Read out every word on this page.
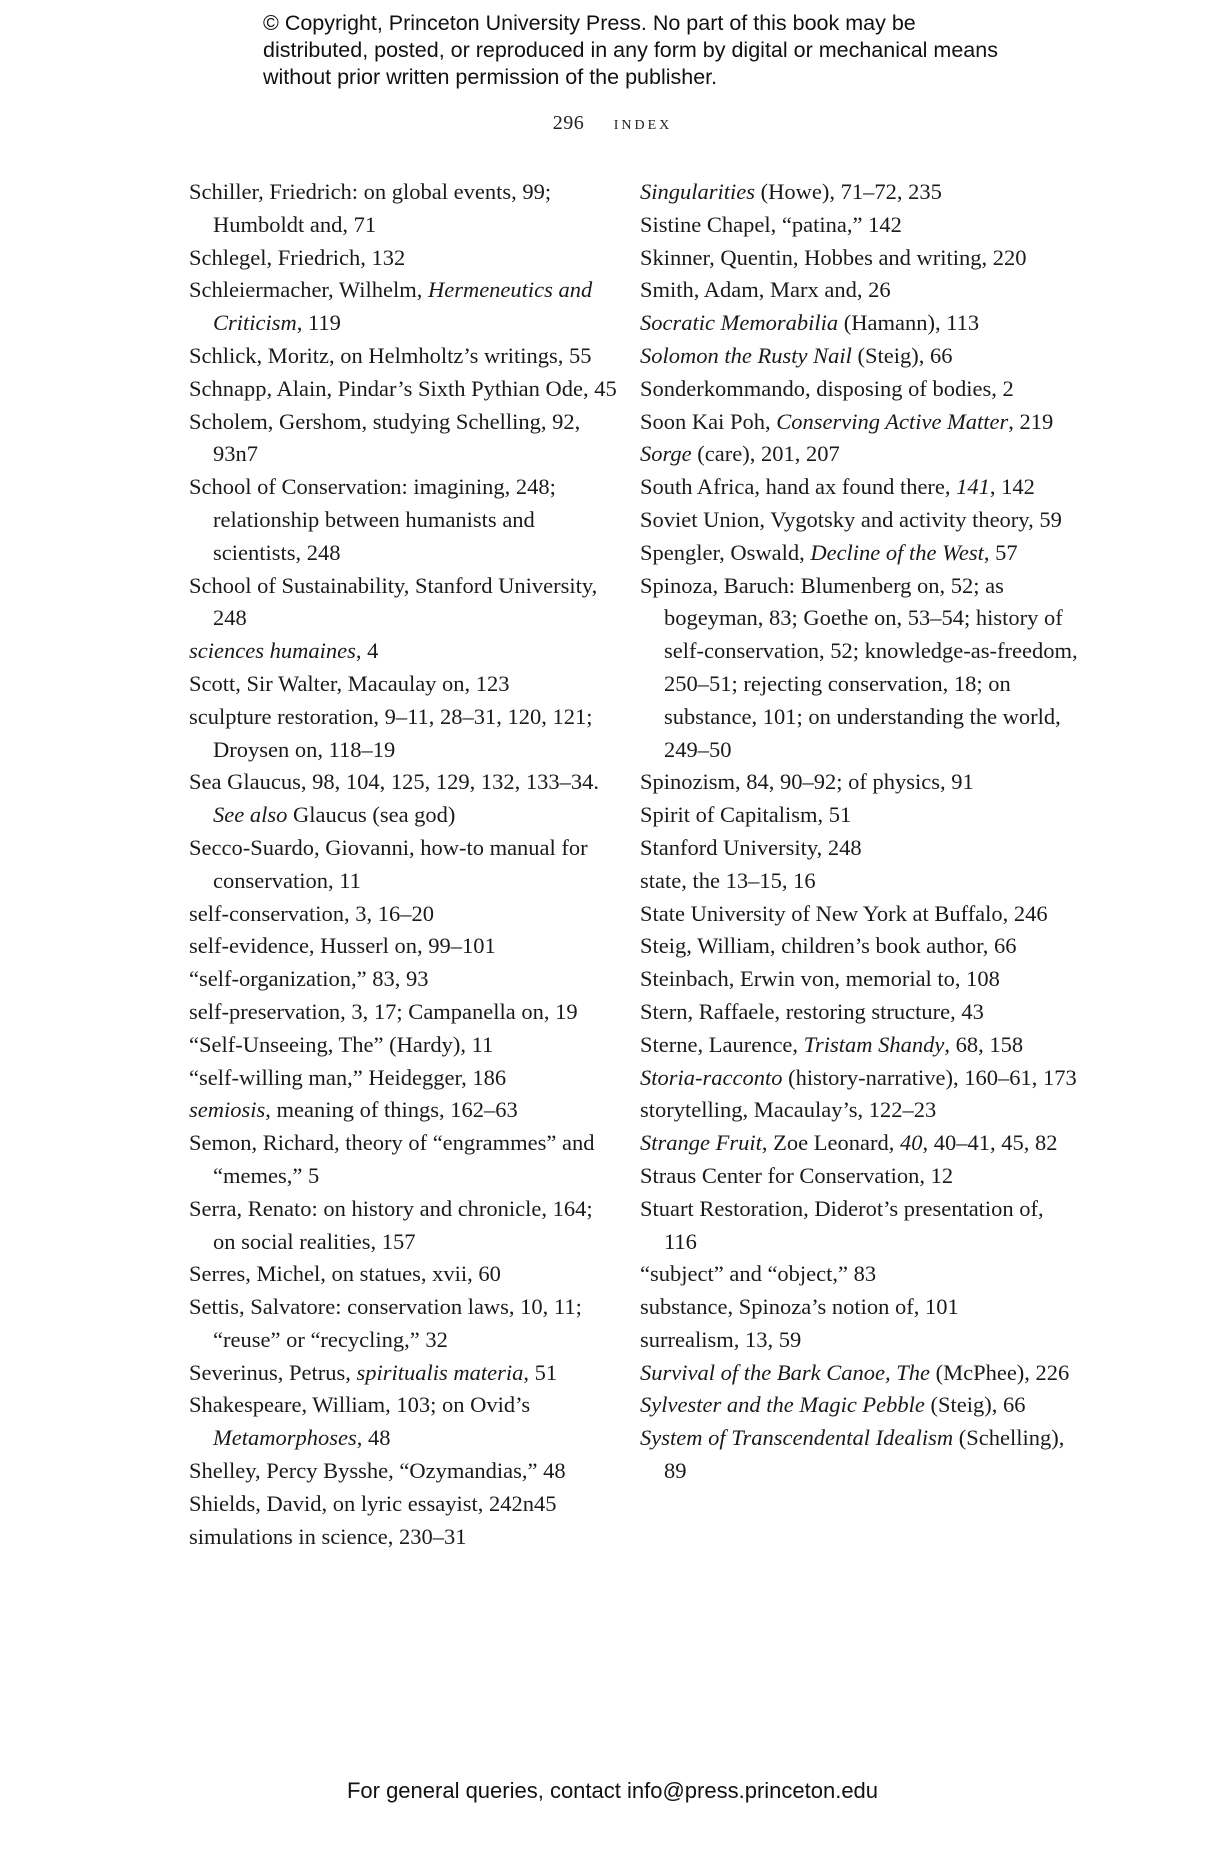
© Copyright, Princeton University Press. No part of this book may be distributed, posted, or reproduced in any form by digital or mechanical means without prior written permission of the publisher.
296 index

Schiller, Friedrich: on global events, 99; Humboldt and, 71

Schlegel, Friedrich, 132

Schleiermacher, Wilhelm, Hermeneutics and Criticism, 119

Schlick, Moritz, on Helmholtz’s writings, 55

Schnapp, Alain, Pindar’s Sixth Pythian Ode, 45

Scholem, Gershom, studying Schelling, 92, 93n7

School of Conservation: imagining, 248; relationship between humanists and scientists, 248

School of Sustainability, Stanford University, 248

sciences humaines, 4

Scott, Sir Walter, Macaulay on, 123

sculpture restoration, 9–11, 28–31, 120, 121; Droysen on, 118–19

Sea Glaucus, 98, 104, 125, 129, 132, 133–34. See also Glaucus (sea god)

Secco-Suardo, Giovanni, how-to manual for conservation, 11

self-conservation, 3, 16–20

self-evidence, Husserl on, 99–101

“self-organization,” 83, 93

self-preservation, 3, 17; Campanella on, 19

“Self-Unseeing, The” (Hardy), 11

“self-willing man,” Heidegger, 186

semiosis, meaning of things, 162–63

Semon, Richard, theory of “engrammes” and “memes,” 5

Serra, Renato: on history and chronicle, 164; on social realities, 157

Serres, Michel, on statues, xvii, 60

Settis, Salvatore: conservation laws, 10, 11; “reuse” or “recycling,” 32

Severinus, Petrus, spiritualis materia, 51

Shakespeare, William, 103; on Ovid’s Metamorphoses, 48

Shelley, Percy Bysshe, “Ozymandias,” 48

Shields, David, on lyric essayist, 242n45

simulations in science, 230–31

Singularities (Howe), 71–72, 235

Sistine Chapel, “patina,” 142

Skinner, Quentin, Hobbes and writing, 220

Smith, Adam, Marx and, 26

Socratic Memorabilia (Hamann), 113

Solomon the Rusty Nail (Steig), 66

Sonderkommando, disposing of bodies, 2

Soon Kai Poh, Conserving Active Matter, 219

Sorge (care), 201, 207

South Africa, hand ax found there, 141, 142

Soviet Union, Vygotsky and activity theory, 59

Spengler, Oswald, Decline of the West, 57

Spinoza, Baruch: Blumenberg on, 52; as bogeyman, 83; Goethe on, 53–54; history of self-conservation, 52; knowledge-as-freedom, 250–51; rejecting conservation, 18; on substance, 101; on understanding the world, 249–50

Spinozism, 84, 90–92; of physics, 91

Spirit of Capitalism, 51

Stanford University, 248

state, the 13–15, 16

State University of New York at Buffalo, 246

Steig, William, children’s book author, 66

Steinbach, Erwin von, memorial to, 108

Stern, Raffaele, restoring structure, 43

Sterne, Laurence, Tristam Shandy, 68, 158

Storia-racconto (history-narrative), 160–61, 173

storytelling, Macaulay’s, 122–23

Strange Fruit, Zoe Leonard, 40, 40–41, 45, 82

Straus Center for Conservation, 12

Stuart Restoration, Diderot’s presentation of, 116

“subject” and “object,” 83

substance, Spinoza’s notion of, 101

surrealism, 13, 59

Survival of the Bark Canoe, The (McPhee), 226

Sylvester and the Magic Pebble (Steig), 66

System of Transcendental Idealism (Schelling), 89

For general queries, contact info@press.princeton.edu
